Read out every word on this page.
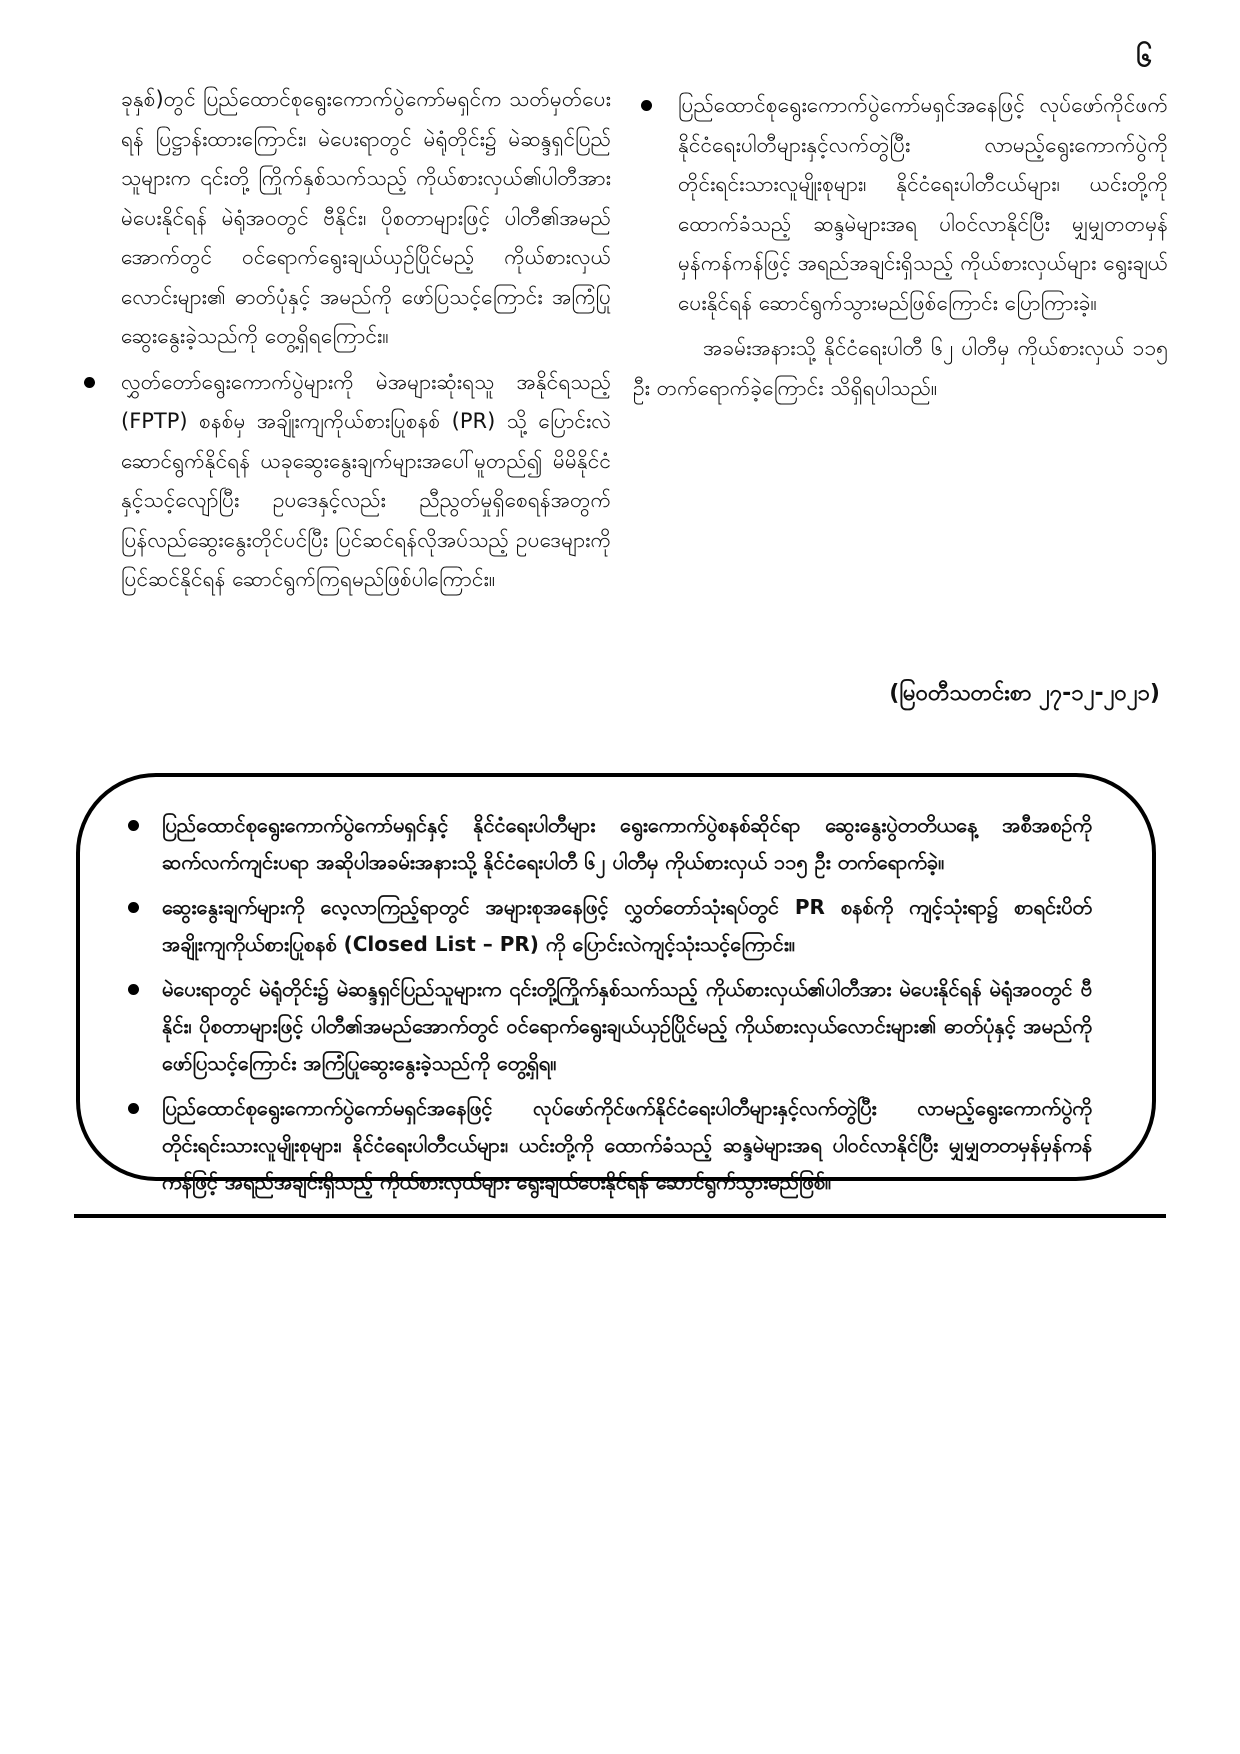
၆

ခုနှစ်)တွင် ပြည်ထောင်စုရွေးကောက်ပွဲကော်မရှင်က သတ်မှတ်ပေးရန် ပြဋ္ဌာန်းထားကြောင်း၊ မဲပေးရာတွင် မဲရုံတိုင်း၌ မဲဆန္ဒရှင်ပြည်သူများက ၎င်းတို့ ကြိုက်နှစ်သက်သည့် ကိုယ်စားလှယ်၏ပါတီအား မဲပေးနိုင်ရန် မဲရုံအဝတွင် ဗီနိုင်း၊ ပိုစတာများဖြင့် ပါတီ၏အမည်အောက်တွင် ဝင်ရောက်ရွေးချယ်ယှဉ်ပြိုင်မည့် ကိုယ်စားလှယ်လောင်းများ၏ ဓာတ်ပုံနှင့် အမည်ကို ဖော်ပြသင့်ကြောင်း အကြံပြုဆွေးနွေးခဲ့သည်ကို တွေ့ရှိရကြောင်း။

လွှတ်တော်ရွေးကောက်ပွဲများကို မဲအများဆုံးရသူ အနိုင်ရသည့် (FPTP) စနစ်မှ အချိုးကျကိုယ်စားပြုစနစ် (PR) သို့ ပြောင်းလဲဆောင်ရွက်နိုင်ရန် ယခုဆွေးနွေးချက်များအပေါ်မူတည်၍ မိမိနိုင်ငံနှင့်သင့်လျော်ပြီး ဥပဒေနှင့်လည်း ညီညွတ်မှုရှိစေရန်အတွက် ပြန်လည်ဆွေးနွေးတိုင်ပင်ပြီး ပြင်ဆင်ရန်လိုအပ်သည့် ဥပဒေများကို ပြင်ဆင်နိုင်ရန် ဆောင်ရွက်ကြရမည်ဖြစ်ပါကြောင်း။
ပြည်ထောင်စုရွေးကောက်ပွဲကော်မရှင်အနေဖြင့် လုပ်ဖော်ကိုင်ဖက် နိုင်ငံရေးပါတီများနှင့်လက်တွဲပြီး လာမည့်ရွေးကောက်ပွဲကို တိုင်းရင်းသားလူမျိုးစုများ၊ နိုင်ငံရေးပါတီငယ်များ၊ ယင်းတို့ကို ထောက်ခံသည့် ဆန္ဒမဲများအရ ပါဝင်လာနိုင်ပြီး မျှမျှတတမှန်မှန်ကန်ကန်ဖြင့် အရည်အချင်းရှိသည့် ကိုယ်စားလှယ်များ ရွေးချယ်ပေးနိုင်ရန် ဆောင်ရွက်သွားမည်ဖြစ်ကြောင်း ပြောကြားခဲ့။

အခမ်းအနားသို့ နိုင်ငံရေးပါတီ ၆၂ ပါတီမှ ကိုယ်စားလှယ် ၁၁၅ ဦး တက်ရောက်ခဲ့ကြောင်း သိရှိရပါသည်။

(မြဝတီသတင်းစာ ၂၇-၁၂-၂၀၂၁)
ပြည်ထောင်စုရွေးကောက်ပွဲကော်မရှင်နှင့် နိုင်ငံရေးပါတီများ ရွေးကောက်ပွဲစနစ်ဆိုင်ရာ ဆွေးနွေးပွဲတတိယနေ့ အစီအစဉ်ကို ဆက်လက်ကျင်းပရာ အဆိုပါအခမ်းအနားသို့ နိုင်ငံရေးပါတီ ၆၂ ပါတီမှ ကိုယ်စားလှယ် ၁၁၅ ဦး တက်ရောက်ခဲ့။
ဆွေးနွေးချက်များကို လေ့လာကြည့်ရာတွင် အများစုအနေဖြင့် လွှတ်တော်သုံးရပ်တွင် PR စနစ်ကို ကျင့်သုံးရာ၌ စာရင်းပိတ်အချိုးကျကိုယ်စားပြုစနစ် (Closed List – PR) ကို ပြောင်းလဲကျင့်သုံးသင့်ကြောင်း။
မဲပေးရာတွင် မဲရုံတိုင်း၌ မဲဆန္ဒရှင်ပြည်သူများက ၎င်းတို့ကြိုက်နှစ်သက်သည့် ကိုယ်စားလှယ်၏ပါတီအား မဲပေးနိုင်ရန် မဲရုံအဝတွင် ဗီနိုင်း၊ ပိုစတာများဖြင့် ပါတီ၏အမည်အောက်တွင် ဝင်ရောက်ရွေးချယ်ယှဉ်ပြိုင်မည့် ကိုယ်စားလှယ်လောင်းများ၏ ဓာတ်ပုံနှင့် အမည်ကို ဖော်ပြသင့်ကြောင်း အကြံပြုဆွေးနွေးခဲ့သည်ကို တွေ့ရှိရ။
ပြည်ထောင်စုရွေးကောက်ပွဲကော်မရှင်အနေဖြင့် လုပ်ဖော်ကိုင်ဖက်နိုင်ငံရေးပါတီများနှင့်လက်တွဲပြီး လာမည့်ရွေးကောက်ပွဲကို တိုင်းရင်းသားလူမျိုးစုများ၊ နိုင်ငံရေးပါတီငယ်များ၊ ယင်းတို့ကို ထောက်ခံသည့် ဆန္ဒမဲများအရ ပါဝင်လာနိုင်ပြီး မျှမျှတတမှန်မှန်ကန်ကန်ဖြင့် အရည်အချင်းရှိသည့် ကိုယ်စားလှယ်များ ရွေးချယ်ပေးနိုင်ရန် ဆောင်ရွက်သွားမည်ဖြစ်။
